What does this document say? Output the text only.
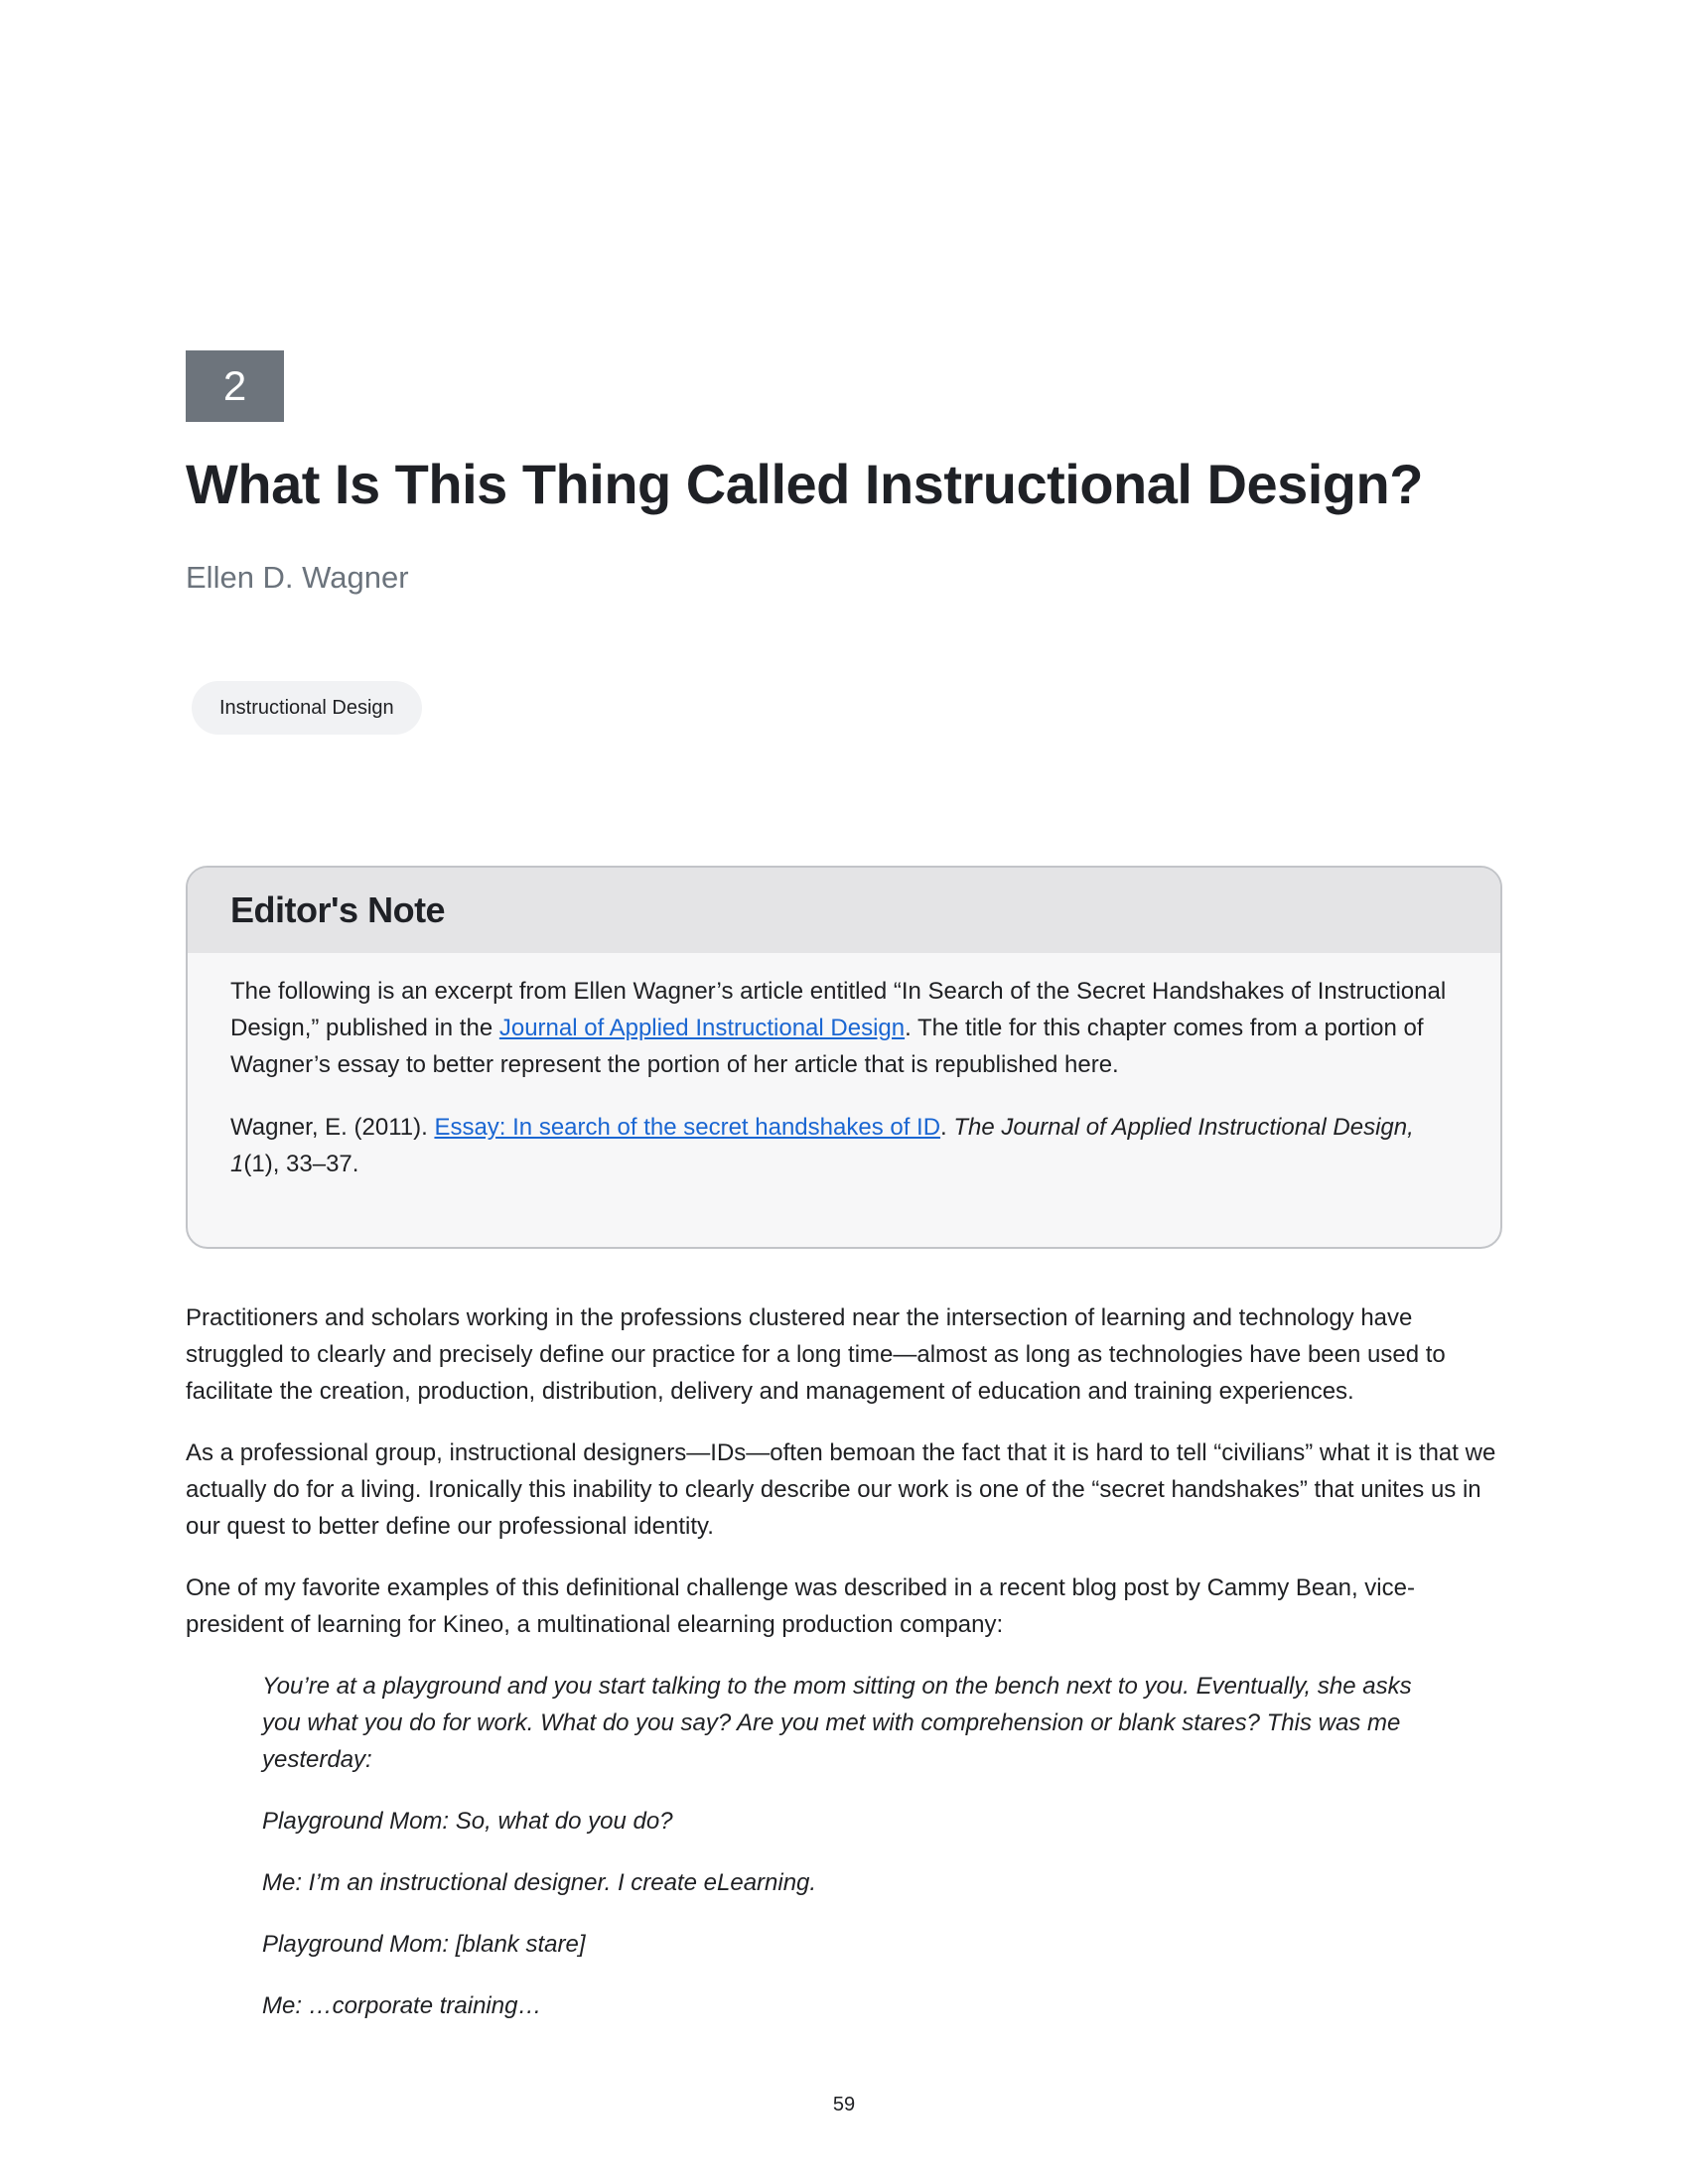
2
What Is This Thing Called Instructional Design?
Ellen D. Wagner
Instructional Design
Editor's Note

The following is an excerpt from Ellen Wagner’s article entitled “In Search of the Secret Handshakes of Instructional Design,” published in the Journal of Applied Instructional Design. The title for this chapter comes from a portion of Wagner’s essay to better represent the portion of her article that is republished here.

Wagner, E. (2011). Essay: In search of the secret handshakes of ID. The Journal of Applied Instructional Design, 1(1), 33–37.

Practitioners and scholars working in the professions clustered near the intersection of learning and technology have struggled to clearly and precisely define our practice for a long time—almost as long as technologies have been used to facilitate the creation, production, distribution, delivery and management of education and training experiences.

As a professional group, instructional designers—IDs—often bemoan the fact that it is hard to tell “civilians” what it is that we actually do for a living. Ironically this inability to clearly describe our work is one of the “secret handshakes” that unites us in our quest to better define our professional identity.

One of my favorite examples of this definitional challenge was described in a recent blog post by Cammy Bean, vice-president of learning for Kineo, a multinational elearning production company:

You’re at a playground and you start talking to the mom sitting on the bench next to you. Eventually, she asks you what you do for work. What do you say? Are you met with comprehension or blank stares? This was me yesterday:

Playground Mom: So, what do you do?

Me: I’m an instructional designer. I create eLearning.

Playground Mom: [blank stare]

Me: …corporate training…

59
